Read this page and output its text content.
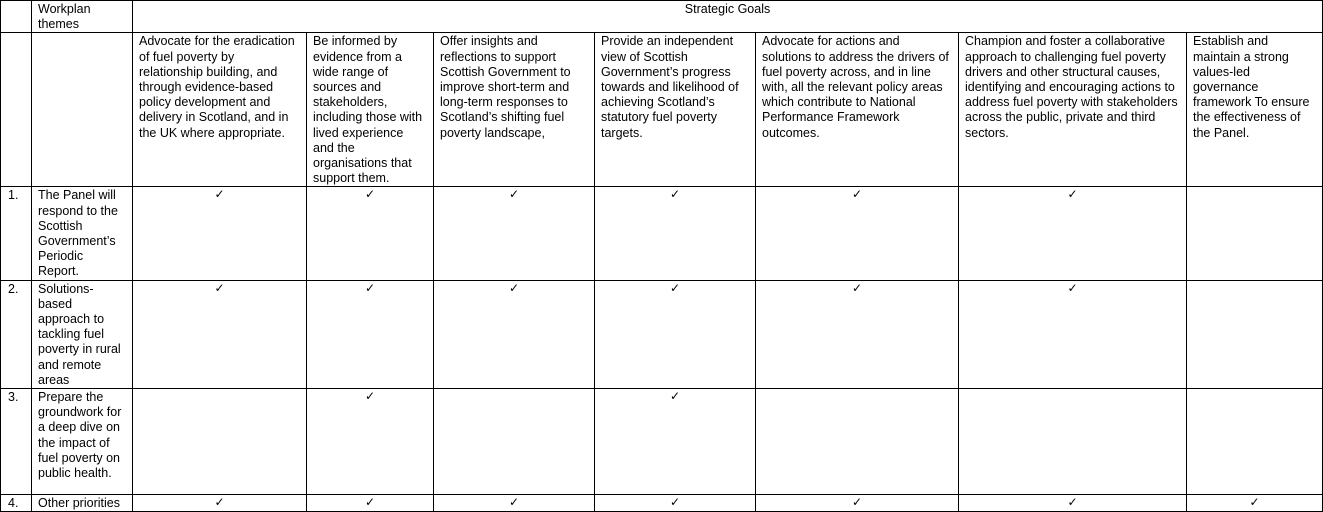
	Workplan themes	Strategic Goals						
		Advocate for the eradication of fuel poverty by relationship building, and through evidence-based policy development and delivery in Scotland, and in the UK where appropriate.	Be informed by evidence from a wide range of sources and stakeholders, including those with lived experience and the organisations that support them.	Offer insights and reflections to support Scottish Government to improve short-term and long-term responses to Scotland’s shifting fuel poverty landscape,	Provide an independent view of Scottish Government’s progress towards and likelihood of achieving Scotland’s statutory fuel poverty targets.	Advocate for actions and solutions to address the drivers of fuel poverty across, and in line with, all the relevant policy areas which contribute to National Performance Framework outcomes.	Champion and foster a collaborative approach to challenging fuel poverty drivers and other structural causes, identifying and encouraging actions to address fuel poverty with stakeholders across the public, private and third sectors.	Establish and maintain a strong values-led governance framework To ensure the effectiveness of the Panel.
1.	The Panel will respond to the Scottish Government’s Periodic Report.	✓	✓	✓	✓	✓	✓	
2.	Solutions-based approach to tackling fuel poverty in rural and remote areas	✓	✓	✓	✓	✓	✓	
3.	Prepare the groundwork for a deep dive on the impact of fuel poverty on public health.		✓		✓			
4.	Other priorities	✓	✓	✓	✓	✓	✓	✓
